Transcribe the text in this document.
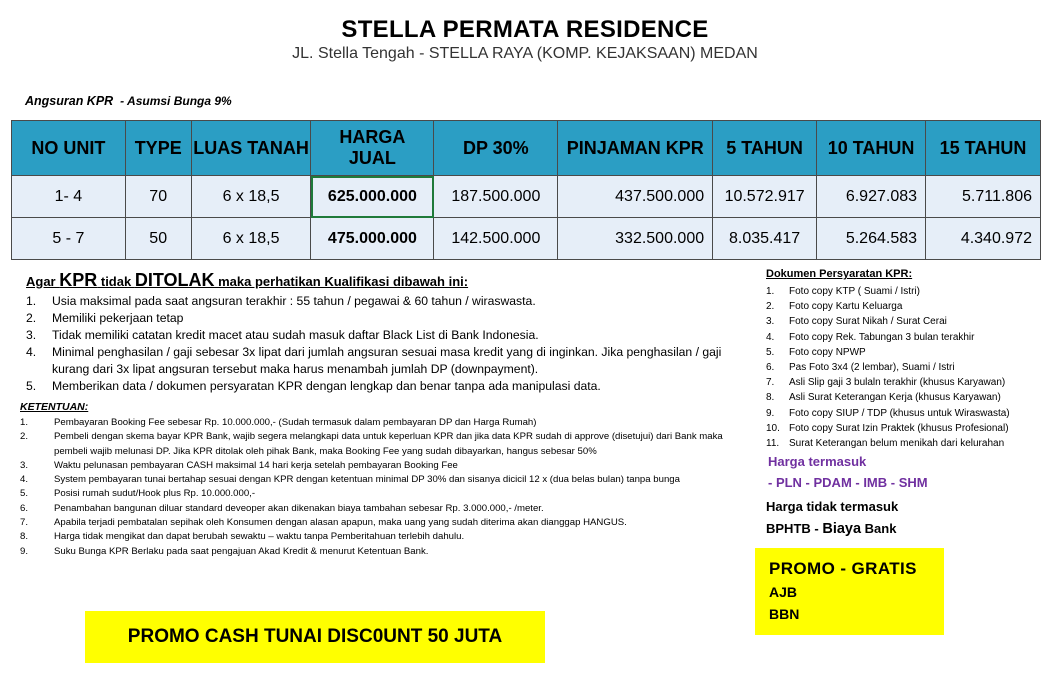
STELLA PERMATA RESIDENCE
JL. Stella Tengah - STELLA RAYA (KOMP. KEJAKSAAN) MEDAN
Angsuran KPR - Asumsi Bunga 9%
NO UNIT	TYPE	LUAS TANAH	HARGA JUAL	DP 30%	PINJAMAN KPR	5 TAHUN	10 TAHUN	15 TAHUN
1- 4	70	6 x 18,5	625.000.000	187.500.000	437.500.000	10.572.917	6.927.083	5.711.806
5 - 7	50	6 x 18,5	475.000.000	142.500.000	332.500.000	8.035.417	5.264.583	4.340.972
Agar KPR tidak DITOLAK maka perhatikan Kualifikasi dibawah ini:
1. Usia maksimal pada saat angsuran terakhir : 55 tahun / pegawai & 60 tahun / wiraswasta.
2. Memiliki pekerjaan tetap
3. Tidak memiliki catatan kredit macet atau sudah masuk daftar Black List di Bank Indonesia.
4. Minimal penghasilan / gaji sebesar 3x lipat dari jumlah angsuran sesuai masa kredit yang di inginkan. Jika penghasilan / gaji kurang dari 3x lipat angsuran tersebut maka harus menambah jumlah DP (downpayment).
5. Memberikan data / dokumen persyaratan KPR dengan lengkap dan benar tanpa ada manipulasi data.
KETENTUAN:
1.	Pembayaran Booking Fee sebesar Rp. 10.000.000,- (Sudah termasuk dalam pembayaran DP dan Harga Rumah)
2.	Pembeli dengan skema bayar KPR Bank, wajib segera melangkapi data untuk keperluan KPR dan jika data KPR sudah di approve (disetujui) dari Bank maka pembeli wajib melunasi DP. Jika KPR ditolak oleh pihak Bank, maka Booking Fee yang sudah dibayarkan, hangus sebesar 50%
3.	Waktu pelunasan pembayaran CASH maksimal 14 hari kerja setelah pembayaran Booking Fee
4.	System pembayaran tunai bertahap sesuai dengan KPR dengan ketentuan minimal DP 30% dan sisanya dicicil 12 x (dua belas bulan) tanpa bunga
5.	Posisi rumah sudut/Hook plus Rp. 10.000.000,-
6.	Penambahan bangunan diluar standard deveoper akan dikenakan biaya tambahan sebesar Rp. 3.000.000,- /meter.
7.	Apabila terjadi pembatalan sepihak oleh Konsumen dengan alasan apapun, maka uang yang sudah diterima akan dianggap HANGUS.
8.	Harga tidak mengikat dan dapat berubah sewaktu – waktu tanpa Pemberitahuan terlebih dahulu.
9.	Suku Bunga KPR Berlaku pada saat pengajuan Akad Kredit & menurut Ketentuan Bank.
PROMO CASH TUNAI DISC0UNT 50 JUTA
Dokumen Persyaratan KPR:
1. Foto copy KTP ( Suami / Istri)
2. Foto copy Kartu Keluarga
3. Foto copy Surat Nikah / Surat Cerai
4. Foto copy Rek. Tabungan 3 bulan terakhir
5. Foto copy NPWP
6. Pas Foto 3x4 (2 lembar), Suami / Istri
7. Asli Slip gaji 3 bulaln terakhir (khusus Karyawan)
8. Asli Surat Keterangan Kerja (khusus Karyawan)
9. Foto copy SIUP / TDP (khusus untuk Wiraswasta)
10. Foto copy Surat Izin Praktek (khusus Profesional)
11. Surat Keterangan belum menikah dari kelurahan
Harga termasuk
- PLN - PDAM - IMB - SHM
Harga tidak termasuk
BPHTB - Biaya Bank
PROMO - GRATIS
AJB
BBN
